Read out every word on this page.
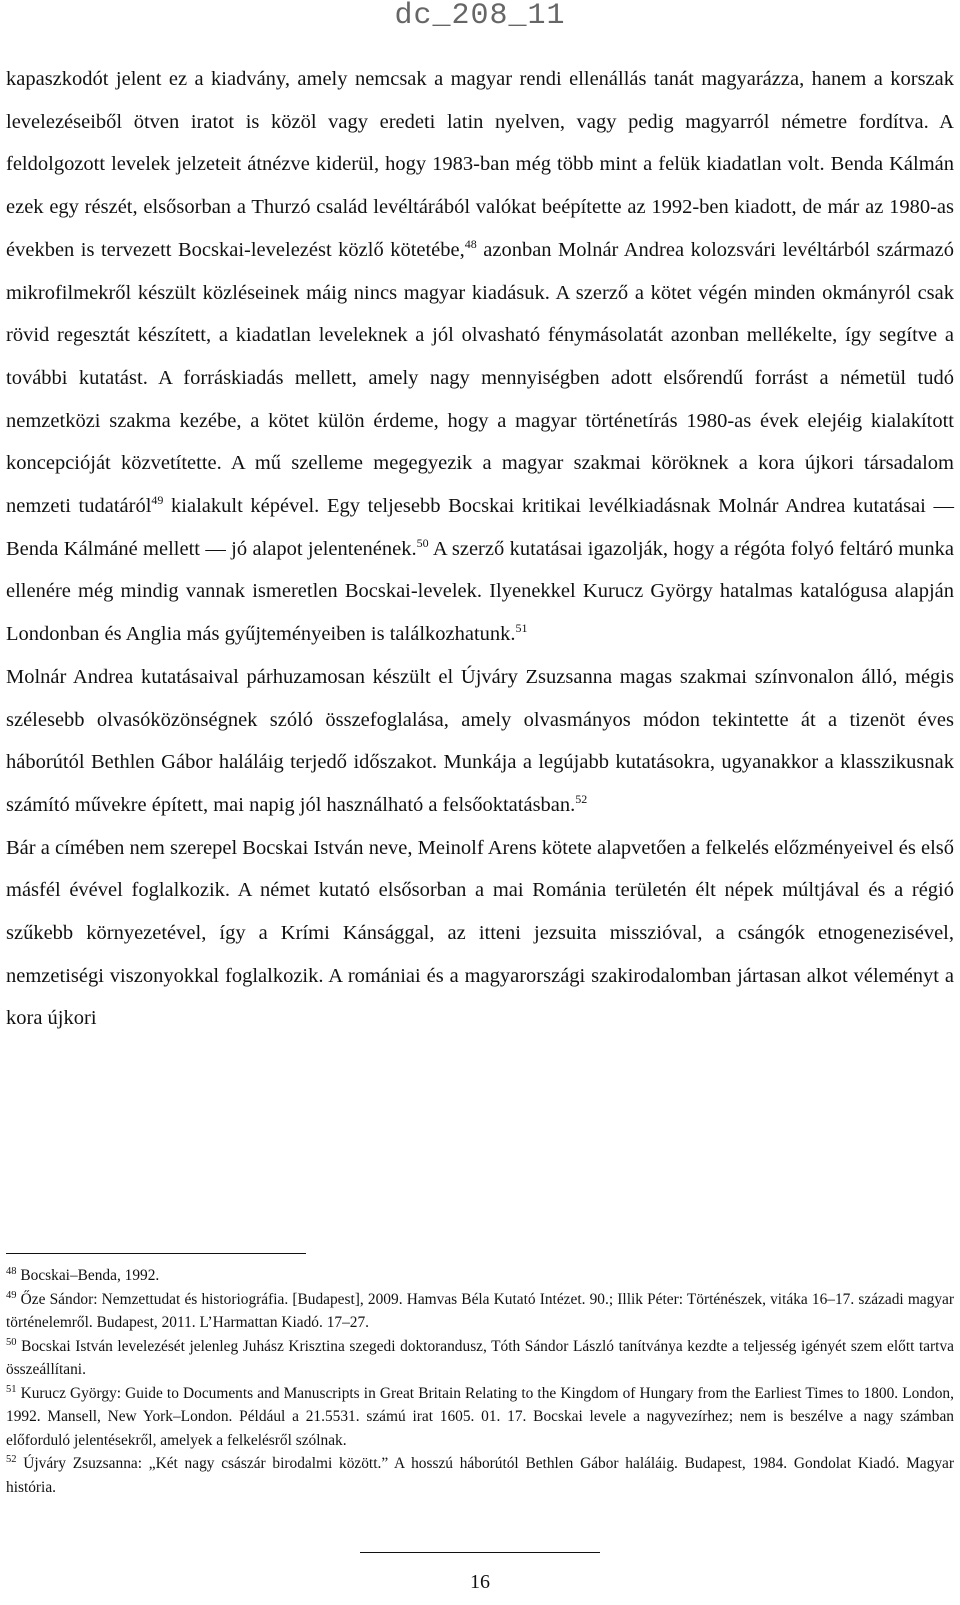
dc_208_11

kapaszkodót jelent ez a kiadvány, amely nemcsak a magyar rendi ellenállás tanát magyarázza, hanem a korszak levelezéseiből ötven iratot is közöl vagy eredeti latin nyelven, vagy pedig magyarról németre fordítva. A feldolgozott levelek jelzeteit átnézve kiderül, hogy 1983-ban még több mint a felük kiadatlan volt. Benda Kálmán ezek egy részét, elsősorban a Thurzó család levéltárából valókat beépítette az 1992-ben kiadott, de már az 1980-as években is tervezett Bocskai-levelezést közlő kötetébe,$^{48}$ azonban Molnár Andrea kolozsvári levéltárból származó mikrofilmekről készült közléseinek máig nincs magyar kiadásuk. A szerző a kötet végén minden okmányról csak rövid regesztát készített, a kiadatlan leveleknek a jól olvasható fénymásolatát azonban mellékelte, így segítve a további kutatást. A forráskiadás mellett, amely nagy mennyiségben adott elsőrendű forrást a németül tudó nemzetközi szakma kezébe, a kötet külön érdeme, hogy a magyar történetírás 1980-as évek elejéig kialakított koncepcióját közvetítette. A mű szelleme megegyezik a magyar szakmai köröknek a kora újkori társadalom nemzeti tudatáról$^{49}$ kialakult képével. Egy teljesebb Bocskai kritikai levélkiadásnak Molnár Andrea kutatásai — Benda Kálmáné mellett — jó alapot jelentenének.$^{50}$ A szerző kutatásai igazolják, hogy a régóta folyó feltáró munka ellenére még mindig vannak ismeretlen Bocskai-levelek. Ilyenekkel Kurucz György hatalmas katalógusa alapján Londonban és Anglia más gyűjteményeiben is találkozhatunk.$^{51}$

Molnár Andrea kutatásaival párhuzamosan készült el Újváry Zsuzsanna magas szakmai színvonalon álló, mégis szélesebb olvasóközönségnek szóló összefoglalása, amely olvasmányos módon tekintette át a tizenöt éves háborútól Bethlen Gábor haláláig terjedő időszakot. Munkája a legújabb kutatásokra, ugyanakkor a klasszikusnak számító művekre épített, mai napig jól használható a felsőoktatásban.$^{52}$

Bár a címében nem szerepel Bocskai István neve, Meinolf Arens kötete alapvetően a felkelés előzményeivel és első másfél évével foglalkozik. A német kutató elsősorban a mai Románia területén élt népek múltjával és a régió szűkebb környezetével, így a Krími Kánsággal, az itteni jezsuita misszióval, a csángók etnogenezisével, nemzetiségi viszonyokkal foglalkozik. A romániai és a magyarországi szakirodalomban jártasan alkot véleményt a kora újkori

$^{48}$ Bocskai–Benda, 1992.

$^{49}$ Őze Sándor: Nemzettudat és historiográfia. [Budapest], 2009. Hamvas Béla Kutató Intézet. 90.; Illik Péter: Történészek, vitáka 16–17. századi magyar történelemről. Budapest, 2011. L’Harmattan Kiadó. 17–27.

$^{50}$ Bocskai István levelezését jelenleg Juhász Krisztina szegedi doktorandusz, Tóth Sándor László tanítványa kezdte a teljesség igényét szem előtt tartva összeállítani.

$^{51}$ Kurucz György: Guide to Documents and Manuscripts in Great Britain Relating to the Kingdom of Hungary from the Earliest Times to 1800. London, 1992. Mansell, New York–London. Például a 21.5531. számú irat 1605. 01. 17. Bocskai levele a nagyvezírhez; nem is beszélve a nagy számban előforduló jelentésekről, amelyek a felkelésről szólnak.

$^{52}$ Újváry Zsuzsanna: „Két nagy császár birodalmi között.” A hosszú háborútól Bethlen Gábor haláláig. Budapest, 1984. Gondolat Kiadó. Magyar história.

16
